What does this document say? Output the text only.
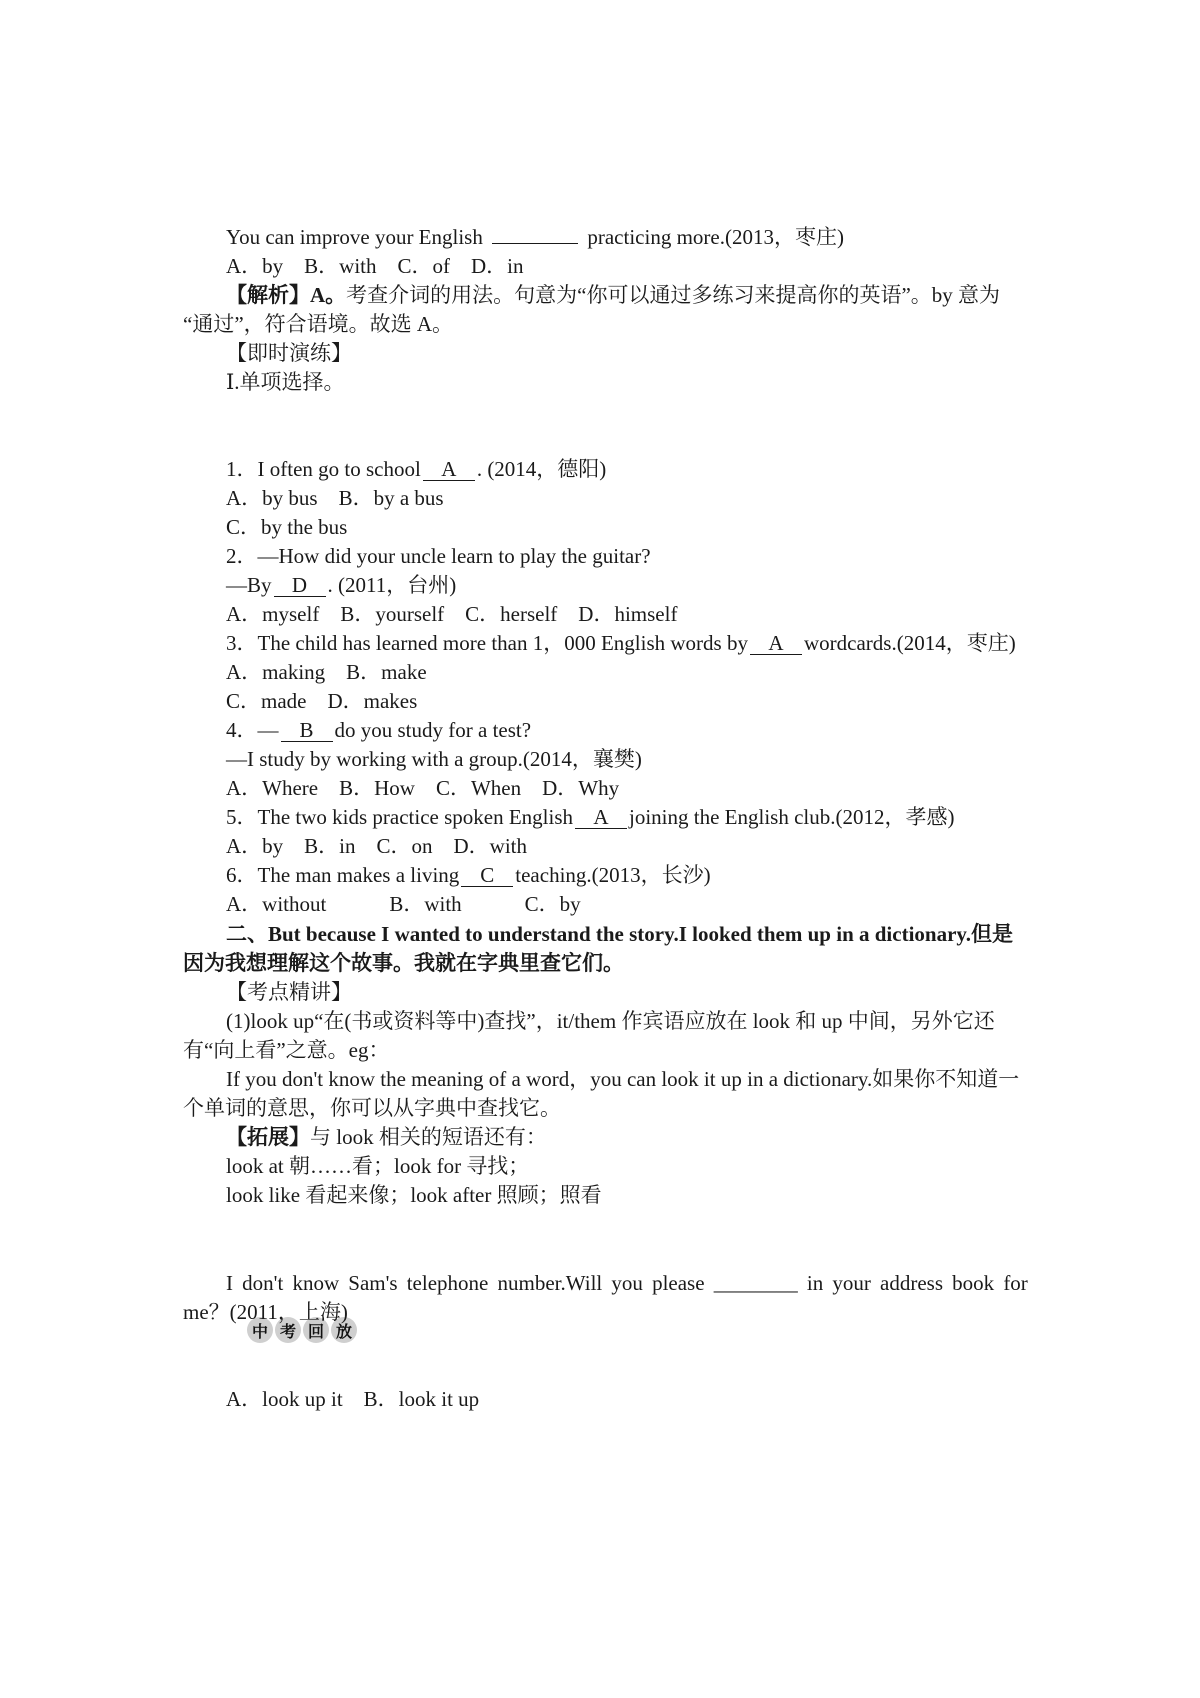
You can improve your English	practicing more.(2013，枣庄)
A．by　B．with　C．of　D．in
【解析】A。考查介词的用法。句意为“你可以通过多练习来提高你的英语”。by 意为
“通过”，符合语境。故选 A。
【即时演练】
Ⅰ.单项选择。
1．I often go to school A . (2014，德阳)
A．by bus　B．by a bus
C．by the bus
2．—How did your uncle learn to play the guitar?
—By D . (2011，台州)
A．myself　B．yourself　C．herself　D．himself
3．The child has learned more than 1，000 English words by A wordcards.(2014，枣庄)
A．making　B．make
C．made　D．makes
4．— B do you study for a test?
—I study by working with a group.(2014，襄樊)
A．Where　B．How　C．When　D．Why
5．The two kids practice spoken English A joining the English club.(2012，孝感)
A．by　B．in　C．on　D．with
6．The man makes a living C teaching.(2013，长沙)
A．without　　　B．with　　　C．by
二、But because I wanted to understand the story.I looked them up in a dictionary.但是
因为我想理解这个故事。我就在字典里查它们。
【考点精讲】
(1)look up“在(书或资料等中)查找”，it/them 作宾语应放在 look 和 up 中间，另外它还
有“向上看”之意。eg：
If you don't know the meaning of a word，you can look it up in a dictionary.如果你不知道一
个单词的意思，你可以从字典中查找它。
【拓展】与 look 相关的短语还有：
look at 朝……看；look for 寻找；
look like 看起来像；look after 照顾；照看
中 考 回 放
I don't know Sam's telephone number.Will you please ________ in your address book for
me？(2011，上海)
A．look up it　B．look it up
